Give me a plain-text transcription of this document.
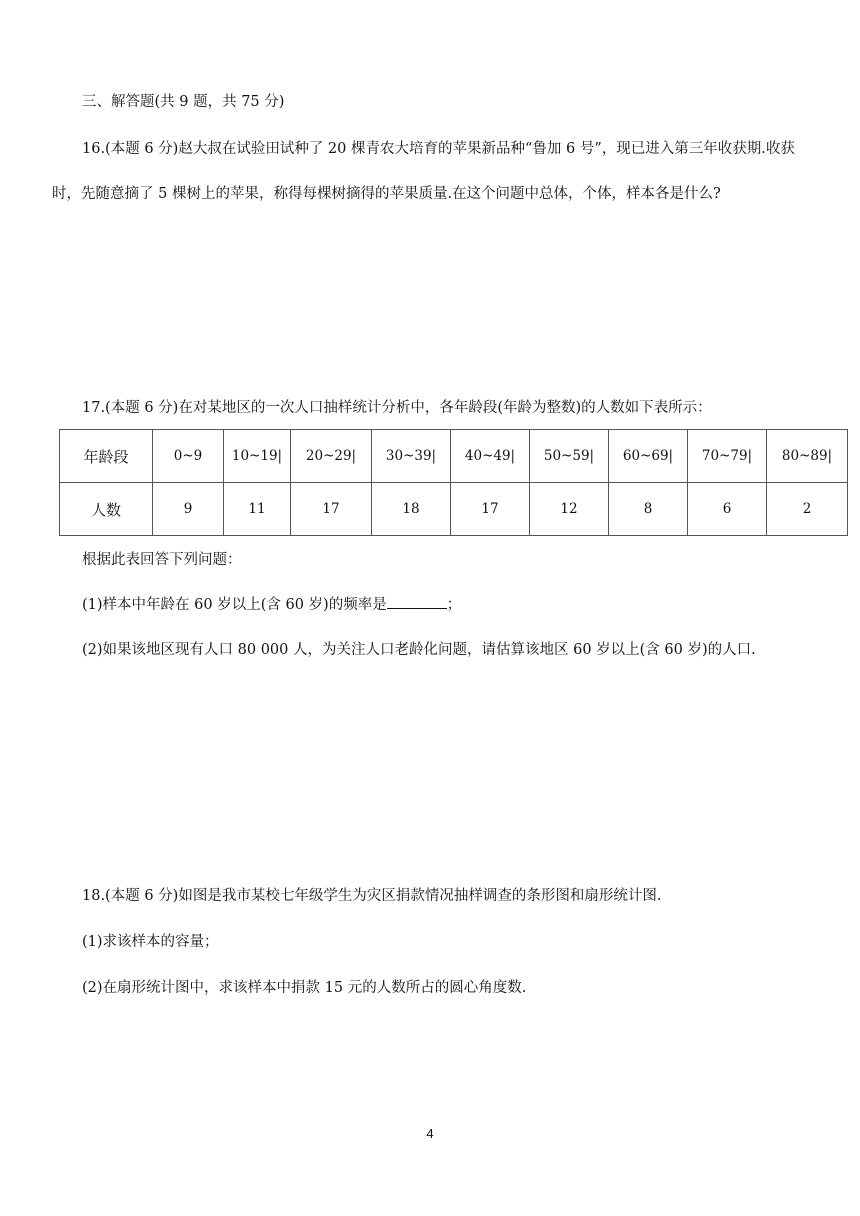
三、解答题(共 9 题，共 75 分)
16.(本题 6 分)赵大叔在试验田试种了 20 棵青农大培育的苹果新品种“鲁加 6 号”，现已进入第三年收获期.收获
时，先随意摘了 5 棵树上的苹果，称得每棵树摘得的苹果质量.在这个问题中总体，个体，样本各是什么?
17.(本题 6 分)在对某地区的一次人口抽样统计分析中，各年龄段(年龄为整数)的人数如下表所示：
年龄段	0~9	10~19|	20~29|	30~39|	40~49|	50~59|	60~69|	70~79|	80~89|
人数	9	11	17	18	17	12	8	6	2
根据此表回答下列问题：
(1)样本中年龄在 60 岁以上(含 60 岁)的频率是	；
(2)如果该地区现有人口 80 000 人，为关注人口老龄化问题，请估算该地区 60 岁以上(含 60 岁)的人口.
18.(本题 6 分)如图是我市某校七年级学生为灾区捐款情况抽样调查的条形图和扇形统计图.
(1)求该样本的容量；
(2)在扇形统计图中，求该样本中捐款 15 元的人数所占的圆心角度数.
4
